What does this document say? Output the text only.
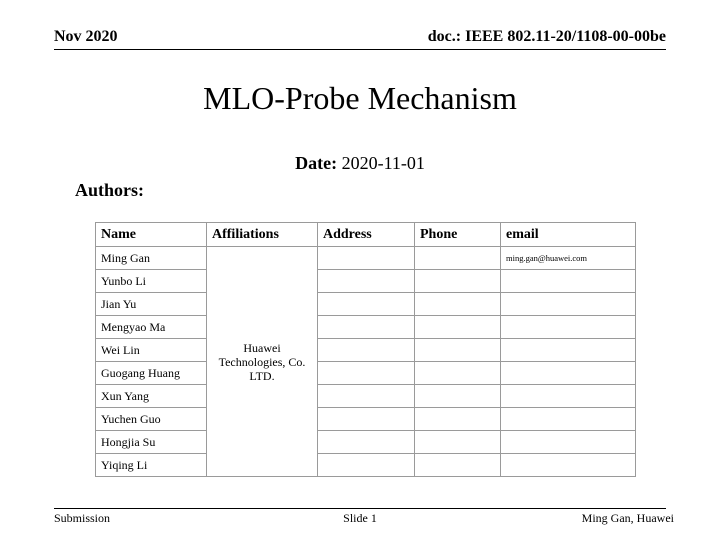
Nov 2020	doc.: IEEE 802.11-20/1108-00-00be
MLO-Probe Mechanism
Date: 2020-11-01
Authors:
Name	Affiliations	Address	Phone	email
Ming Gan	Huawei Technologies, Co. LTD.			ming.gan@huawei.com
Yunbo Li				
Jian Yu				
Mengyao Ma				
Wei Lin				
Guogang Huang				
Xun Yang				
Yuchen Guo				
Hongjia Su				
Yiqing Li				
Submission	Slide 1	Ming Gan, Huawei
